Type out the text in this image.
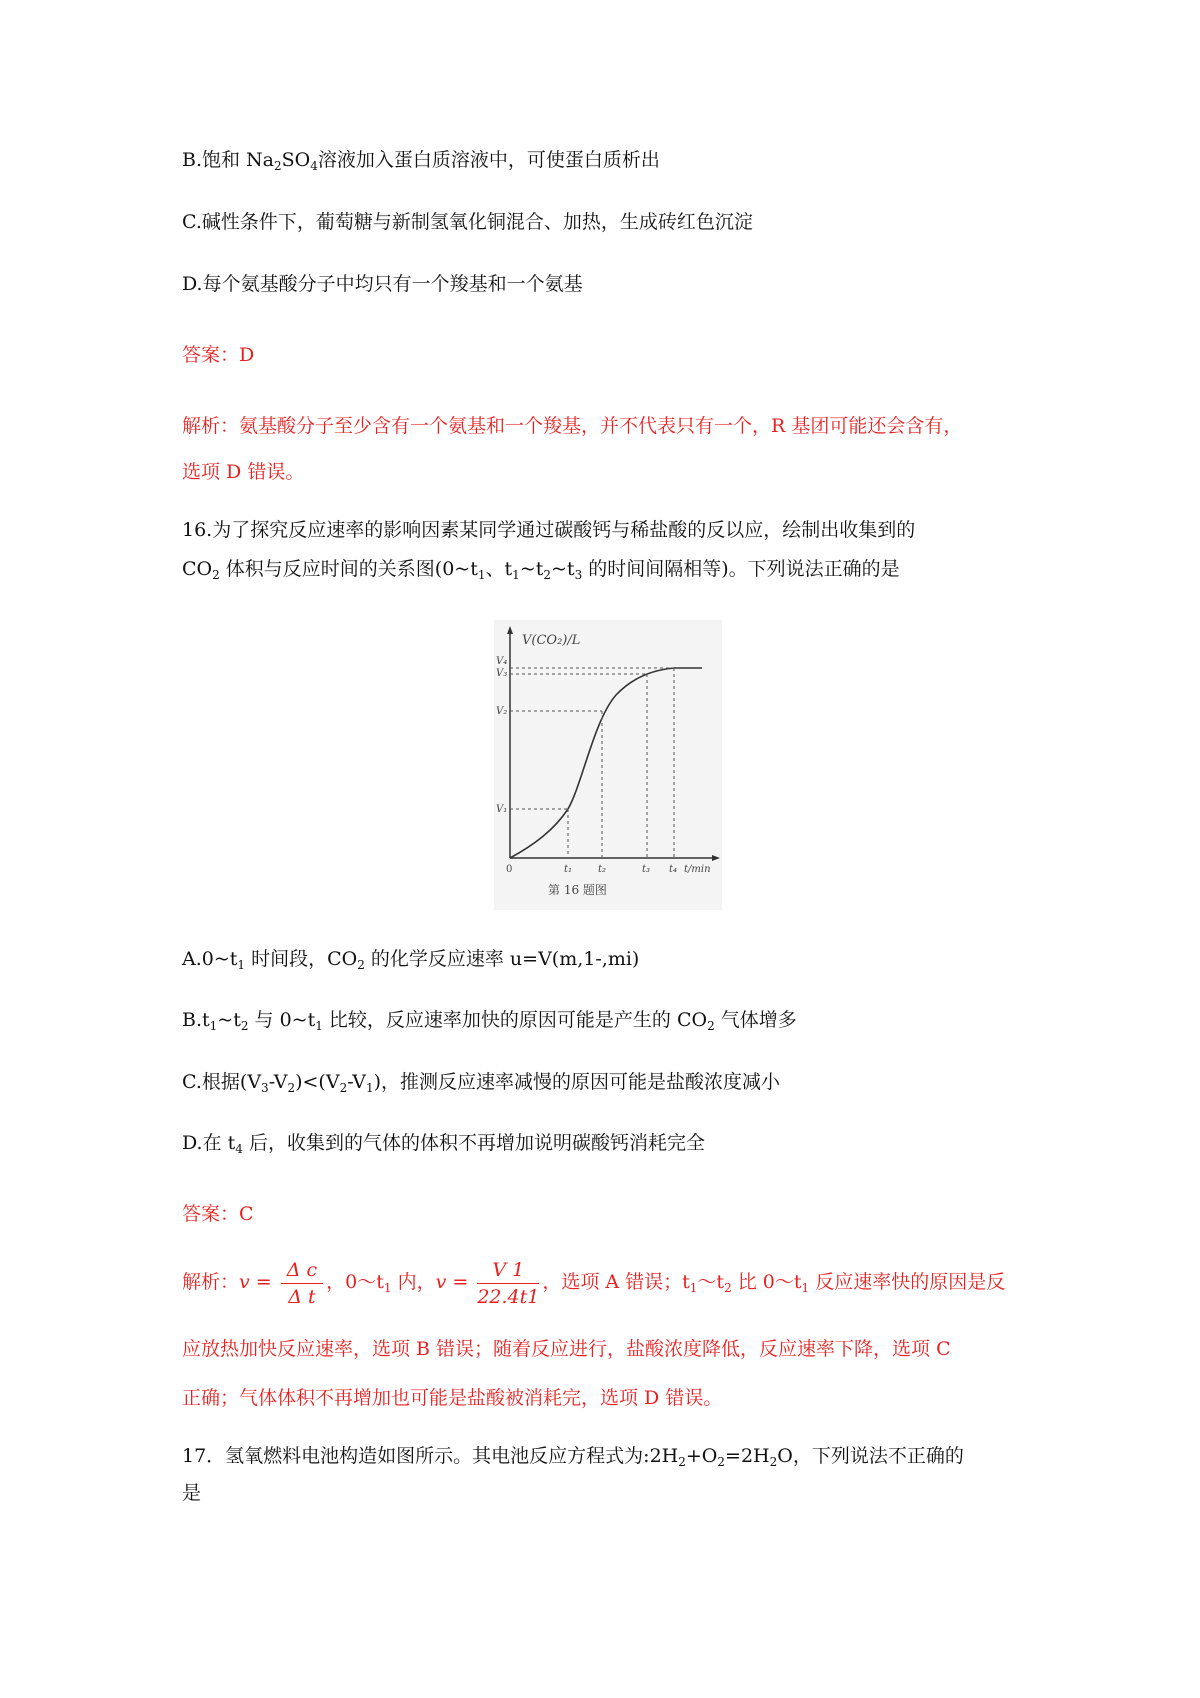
B.饱和 $Na_2SO_4$溶液加入蛋白质溶液中，可使蛋白质析出
C.碱性条件下，葡萄糖与新制氢氧化铜混合、加热，生成砖红色沉淀
D.每个氨基酸分子中均只有一个羧基和一个氨基
答案：D
解析：氨基酸分子至少含有一个氨基和一个羧基，并不代表只有一个，R 基团可能还会含有，
选项 D 错误。
16.为了探究反应速率的影响因素某同学通过碳酸钙与稀盐酸的反以应，绘制出收集到的
$CO_2$ 体积与反应时间的关系图($0\sim t_1$、$t_1\sim t_2\sim t_3$ 的时间间隔相等)。下列说法正确的是
V(CO₂)/L
V₄
V₃
V₂
V₁
0	t₁	t₂	t₃ t₄ t/min
第 16 题图
$A.0\sim t_1$ 时间段，$CO_2$ 的化学反应速率 u=V(m,1-,mi)
$B.t_1\sim t_2$ 与 $0\sim t_1$ 比较，反应速率加快的原因可能是产生的 $CO_2$ 气体增多
C.根据$(V_3-V_2)<(V_2-V_1)$，推测反应速率减慢的原因可能是盐酸浓度减小
D.在 $t_4$ 后，收集到的气体的体积不再增加说明碳酸钙消耗完全
答案：C
解析：$v = \frac{\text{Δ c}}{\text{Δ t}}$ ，$0\sim t_1$ 内，$v = \frac{V 1}{22.4t1}$ ，选项 A 错误；$t_1\sim t_2$ 比 $0\sim t_1$ 反应速率快的原因是反
应放热加快反应速率，选项 B 错误；随着反应进行，盐酸浓度降低，反应速率下降，选项 C
正确；气体体积不再增加也可能是盐酸被消耗完，选项 D 错误。
17．氢氧燃料电池构造如图所示。其电池反应方程式为$:2H_2+O_2=2H_2O$，下列说法不正确的
是
